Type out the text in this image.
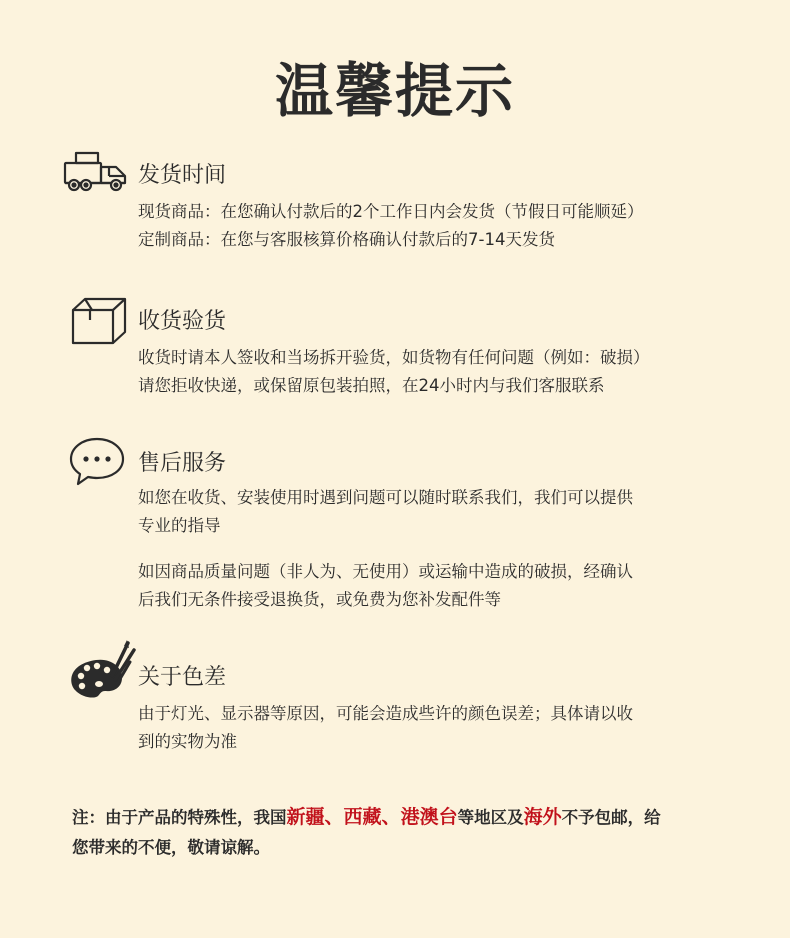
温馨提示
发货时间

现货商品：在您确认付款后的2个工作日内会发货（节假日可能顺延）

定制商品：在您与客服核算价格确认付款后的7-14天发货

收货验货

收货时请本人签收和当场拆开验货，如货物有任何问题（例如：破损）

请您拒收快递，或保留原包装拍照，在24小时内与我们客服联系

售后服务

如您在收货、安装使用时遇到问题可以随时联系我们，我们可以提供

专业的指导

如因商品质量问题（非人为、无使用）或运输中造成的破损，经确认

后我们无条件接受退换货，或免费为您补发配件等

关于色差

由于灯光、显示器等原因，可能会造成些许的颜色误差；具体请以收

到的实物为准

注：由于产品的特殊性，我国新疆、西藏、港澳台等地区及海外不予包邮，给

您带来的不便，敬请谅解。
